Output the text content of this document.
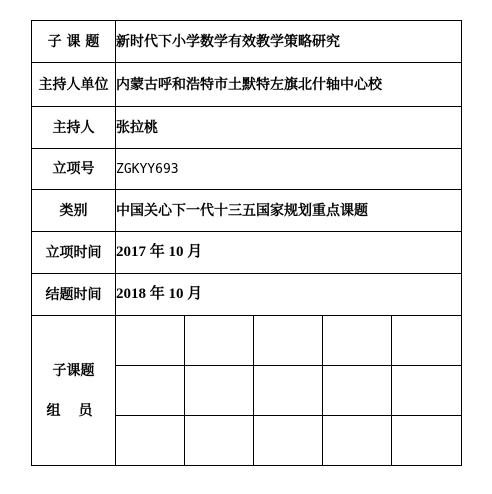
子 课 题	新时代下小学数学有效教学策略研究				
主持人单位	内蒙古呼和浩特市土默特左旗北什轴中心校				
主持人	张拉桃				
立项号	ZGKYY693				
类别	中国关心下一代十三五国家规划重点课题				
立项时间	2017 年 10 月				
结题时间	2018 年 10 月				

子课题
组员					
